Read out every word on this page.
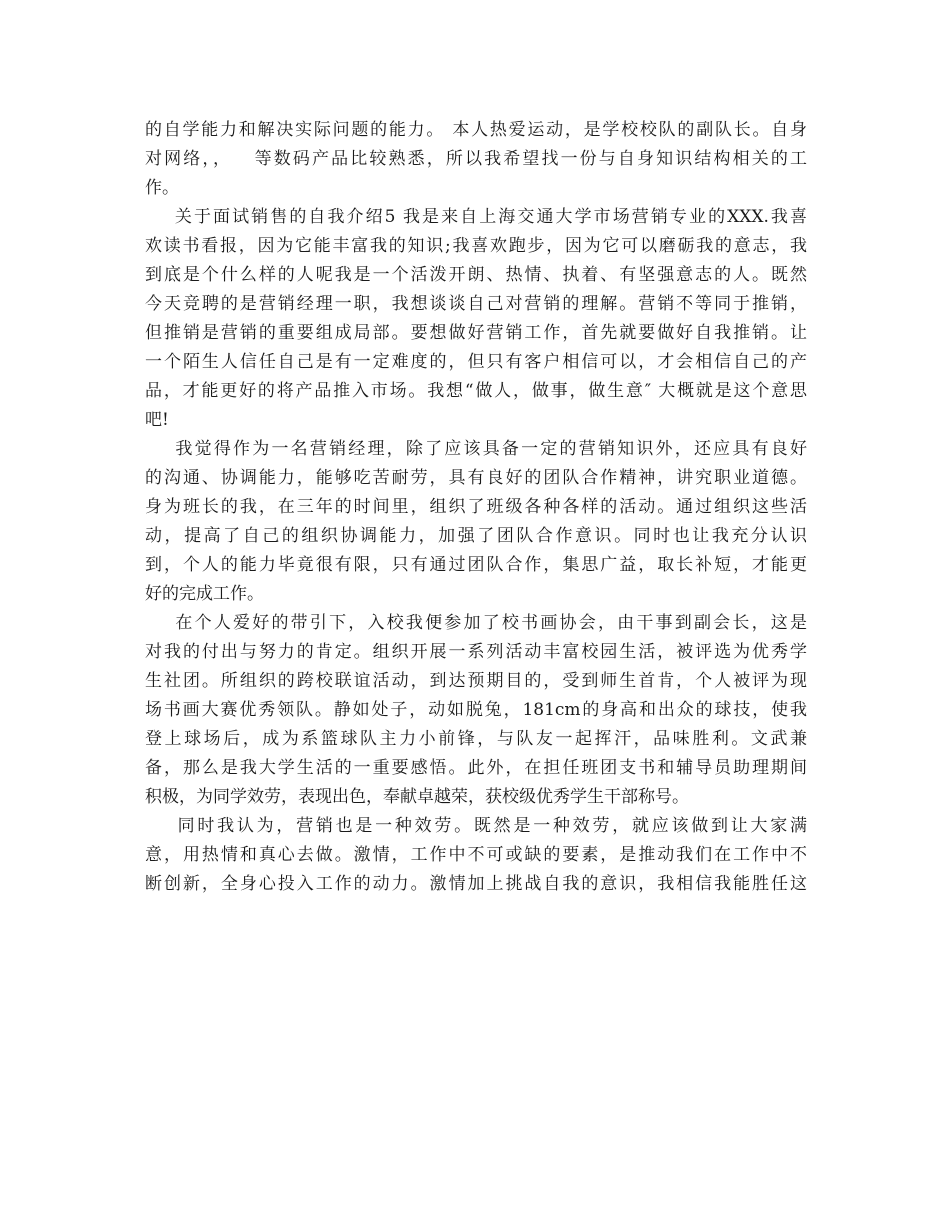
的自学能力和解决实际问题的能力。 本人热爱运动，是学校校队的副队长。自身
对网络，，   等数码产品比较熟悉，所以我希望找一份与自身知识结构相关的工
作。
关于面试销售的自我介绍5 我是来自上海交通大学市场营销专业的XXX.我喜
欢读书看报，因为它能丰富我的知识;我喜欢跑步，因为它可以磨砺我的意志，我
到底是个什么样的人呢我是一个活泼开朗、热情、执着、有坚强意志的人。既然
今天竞聘的是营销经理一职，我想谈谈自己对营销的理解。营销不等同于推销，
但推销是营销的重要组成局部。要想做好营销工作，首先就要做好自我推销。让
一个陌生人信任自己是有一定难度的，但只有客户相信可以，才会相信自己的产
品，才能更好的将产品推入市场。我想“做人，做事，做生意″ 大概就是这个意思
吧!
我觉得作为一名营销经理，除了应该具备一定的营销知识外，还应具有良好
的沟通、协调能力，能够吃苦耐劳，具有良好的团队合作精神，讲究职业道德。
身为班长的我，在三年的时间里，组织了班级各种各样的活动。通过组织这些活
动，提高了自己的组织协调能力，加强了团队合作意识。同时也让我充分认识
到，个人的能力毕竟很有限，只有通过团队合作，集思广益，取长补短，才能更
好的完成工作。
在个人爱好的带引下，入校我便参加了校书画协会，由干事到副会长，这是
对我的付出与努力的肯定。组织开展一系列活动丰富校园生活，被评选为优秀学
生社团。所组织的跨校联谊活动，到达预期目的，受到师生首肯，个人被评为现
场书画大赛优秀领队。静如处子，动如脱兔，181cm的身高和出众的球技，使我
登上球场后，成为系篮球队主力小前锋，与队友一起挥汗，品味胜利。文武兼
备，那么是我大学生活的一重要感悟。此外，在担任班团支书和辅导员助理期间
积极，为同学效劳，表现出色，奉献卓越荣，获校级优秀学生干部称号。
同时我认为，营销也是一种效劳。既然是一种效劳，就应该做到让大家满
意，用热情和真心去做。激情，工作中不可或缺的要素，是推动我们在工作中不
断创新，全身心投入工作的动力。激情加上挑战自我的意识，我相信我能胜任这
